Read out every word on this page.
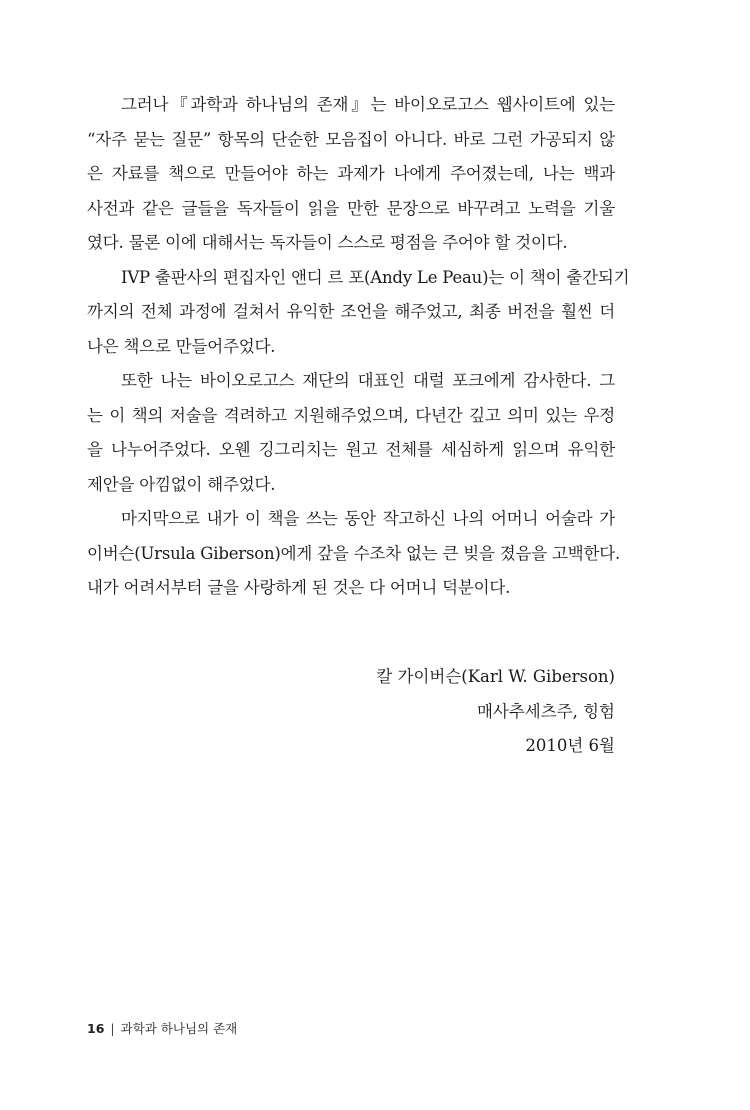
그러나『과학과 하나님의 존재』는 바이오로고스 웹사이트에 있는
“자주 묻는 질문” 항목의 단순한 모음집이 아니다. 바로 그런 가공되지 않
은 자료를 책으로 만들어야 하는 과제가 나에게 주어졌는데, 나는 백과
사전과 같은 글들을 독자들이 읽을 만한 문장으로 바꾸려고 노력을 기울
였다. 물론 이에 대해서는 독자들이 스스로 평점을 주어야 할 것이다.

IVP 출판사의 편집자인 앤디 르 포(Andy Le Peau)는 이 책이 출간되기
까지의 전체 과정에 걸쳐서 유익한 조언을 해주었고, 최종 버전을 훨씬 더
나은 책으로 만들어주었다.

또한 나는 바이오로고스 재단의 대표인 대럴 포크에게 감사한다. 그
는 이 책의 저술을 격려하고 지원해주었으며, 다년간 깊고 의미 있는 우정
을 나누어주었다. 오웬 깅그리치는 원고 전체를 세심하게 읽으며 유익한
제안을 아낌없이 해주었다.

마지막으로 내가 이 책을 쓰는 동안 작고하신 나의 어머니 어술라 가
이버슨(Ursula Giberson)에게 갚을 수조차 없는 큰 빚을 졌음을 고백한다.
내가 어려서부터 글을 사랑하게 된 것은 다 어머니 덕분이다.

칼 가이버슨(Karl W. Giberson)
매사추세츠주, 힝험
2010년 6월
16 | 과학과 하나님의 존재
